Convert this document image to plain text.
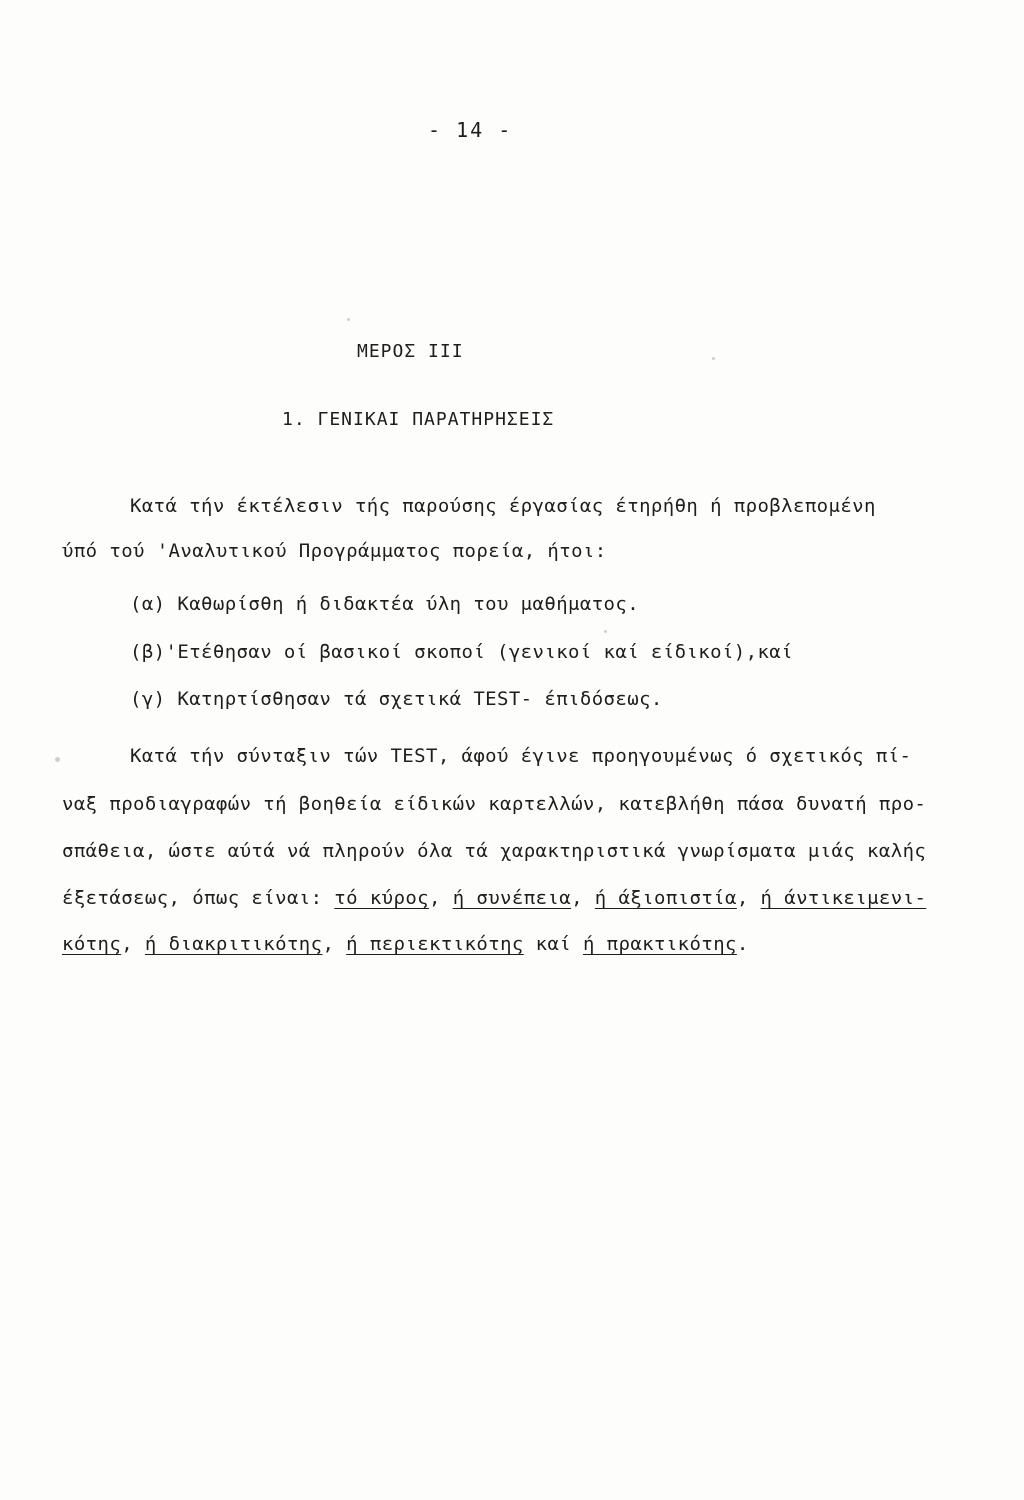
- 14 -
ΜΕΡΟΣ ΙΙΙ
1. ΓΕΝΙΚΑΙ ΠΑΡΑΤΗΡΗΣΕΙΣ
Κατά τήν έκτέλεσιν τής παρούσης έργασίας έτηρήθη ή προβλεπομένη
ύπό τού 'Αναλυτικού Προγράμματος πορεία, ήτοι:
(α) Καθωρίσθη ή διδακτέα ύλη του μαθήματος.
(β)'Ετέθησαν οί βασικοί σκοποί (γενικοί καί είδικοί),καί
(γ) Κατηρτίσθησαν τά σχετικά TEST- έπιδόσεως.
Κατά τήν σύνταξιν τών TEST, άφού έγινε προηγουμένως ό σχετικός πί-
ναξ προδιαγραφών τή βοηθεία είδικών καρτελλών, κατεβλήθη πάσα δυνατή προ-
σπάθεια, ώστε αύτά νά πληρούν όλα τά χαρακτηριστικά γνωρίσματα μιάς καλής
έξετάσεως, όπως είναι: τό κύρος, ή συνέπεια, ή άξιοπιστία, ή άντικειμενι-
κότης, ή διακριτικότης, ή περιεκτικότης καί ή πρακτικότης.
